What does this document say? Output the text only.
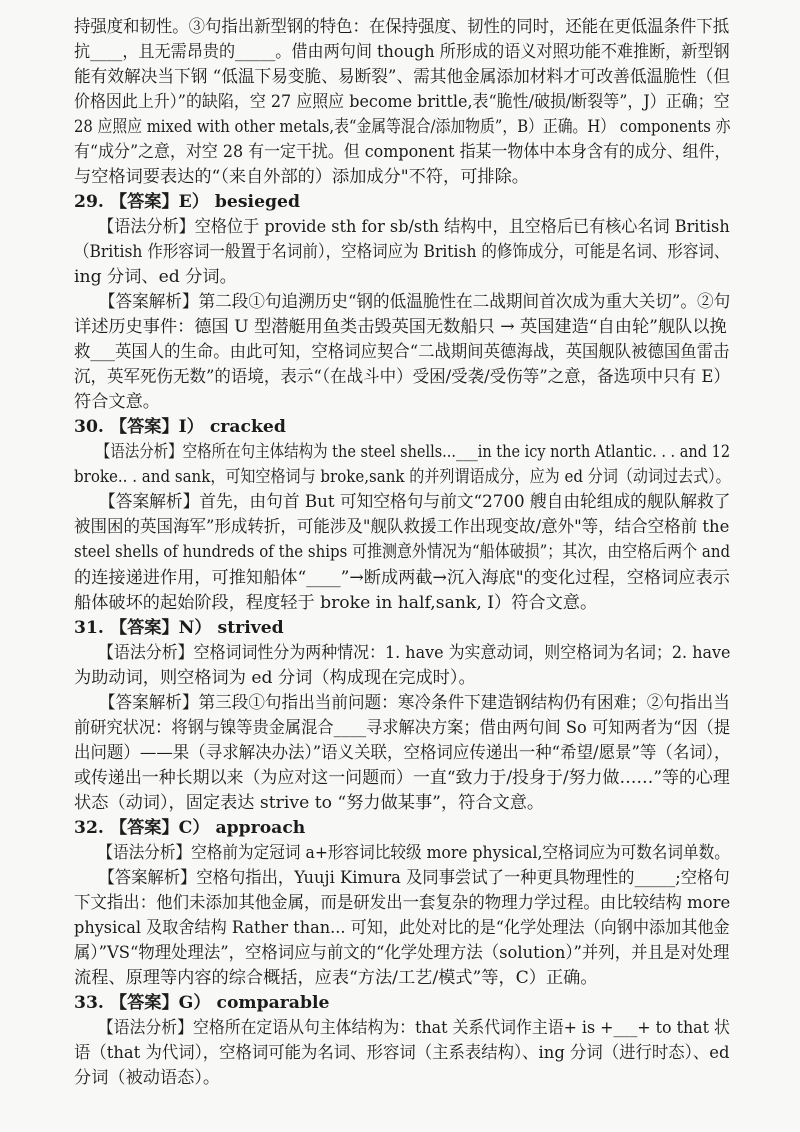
持强度和韧性。③句指出新型钢的特色：在保持强度、韧性的同时，还能在更低温条件下抵
抗____，且无需昂贵的_____。借由两句间 though 所形成的语义对照功能不难推断，新型钢
能有效解决当下钢 “低温下易变脆、易断裂”、需其他金属添加材料才可改善低温脆性（但
价格因此上升）”的缺陷，空 27 应照应 become brittle,表“脆性/破损/断裂等”，J）正确；空
28 应照应 mixed with other metals,表“金属等混合/添加物质”，B）正确。H） components 亦
有“成分”之意，对空 28 有一定干扰。但 component 指某一物体中本身含有的成分、组件，
与空格词要表达的“（来自外部的）添加成分"不符，可排除。
29. 【答案】E） besieged
　　【语法分析】空格位于 provide sth for sb/sth 结构中，且空格后已有核心名词 British
（British 作形容词一般置于名词前），空格词应为 British 的修饰成分，可能是名词、形容词、
ing 分词、ed 分词。
　　【答案解析】第二段①句追溯历史“钢的低温脆性在二战期间首次成为重大关切”。②句
详述历史事件：德国 U 型潜艇用鱼类击毁英国无数船只 → 英国建造“自由轮”舰队以挽
救___英国人的生命。由此可知，空格词应契合“二战期间英德海战，英国舰队被德国鱼雷击
沉，英军死伤无数”的语境，表示“（在战斗中）受困/受袭/受伤等”之意，备选项中只有 E）
符合文意。
30. 【答案】I） cracked
　　【语法分析】空格所在句主体结构为 the steel shells...___in the icy north Atlantic. . . and 12
broke.. . and sank，可知空格词与 broke,sank 的并列谓语成分，应为 ed 分词（动词过去式）。
　　【答案解析】首先，由句首 But 可知空格句与前文“2700 艘自由轮组成的舰队解救了
被围困的英国海军”形成转折，可能涉及"舰队救援工作出现变故/意外"等，结合空格前 the
steel shells of hundreds of the ships 可推测意外情况为“船体破损”；其次，由空格后两个 and
的连接递进作用，可推知船体“____”→断成两截→沉入海底"的变化过程，空格词应表示
船体破坏的起始阶段，程度轻于 broke in half,sank, I）符合文意。
31. 【答案】N） strived
　　【语法分析】空格词词性分为两种情况：1. have 为实意动词，则空格词为名词；2. have
为助动词，则空格词为 ed 分词（构成现在完成时）。
　　【答案解析】第三段①句指出当前问题：寒冷条件下建造钢结构仍有困难；②句指出当
前研究状况：将钢与镍等贵金属混合____寻求解决方案；借由两句间 So 可知两者为“因（提
出问题）——果（寻求解决办法）”语义关联，空格词应传递出一种“希望/愿景”等（名词），
或传递出一种长期以来（为应对这一问题而）一直“致力于/投身于/努力做……”等的心理
状态（动词），固定表达 strive to “努力做某事”，符合文意。
32. 【答案】C） approach
　　【语法分析】空格前为定冠词 a+形容词比较级 more physical,空格词应为可数名词单数。
　　【答案解析】空格句指出，Yuuji Kimura 及同事尝试了一种更具物理性的_____;空格句
下文指出：他们未添加其他金属，而是研发出一套复杂的物理力学过程。由比较结构 more
physical 及取舍结构 Rather than... 可知，此处对比的是“化学处理法（向钢中添加其他金
属）”VS“物理处理法”，空格词应与前文的“化学处理方法（solution）”并列，并且是对处理
流程、原理等内容的综合概括，应表“方法/工艺/模式”等，C）正确。
33. 【答案】G） comparable
　　【语法分析】空格所在定语从句主体结构为：that 关系代词作主语+ is +___+ to that 状
语（that 为代词），空格词可能为名词、形容词（主系表结构）、ing 分词（进行时态）、ed
分词（被动语态）。
